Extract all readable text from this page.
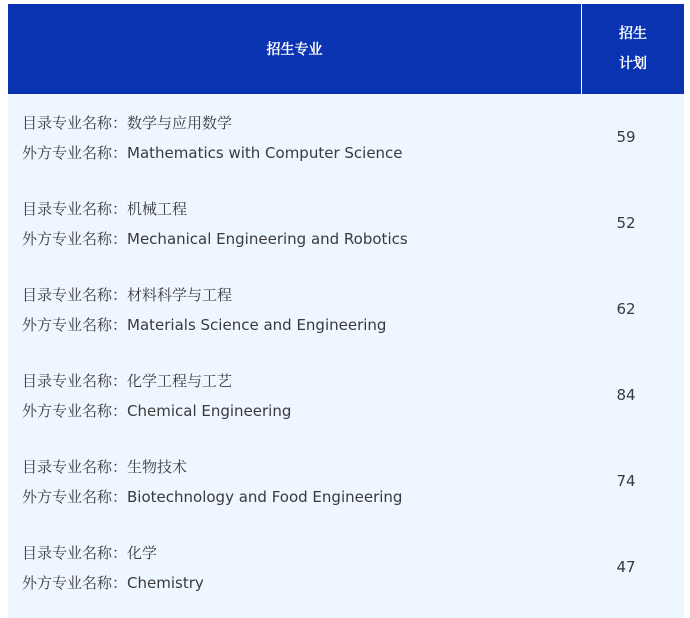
招生专业
招生
计划
目录专业名称：数学与应用数学
外方专业名称：Mathematics with Computer Science
59
目录专业名称：机械工程
外方专业名称：Mechanical Engineering and Robotics
52
目录专业名称：材料科学与工程
外方专业名称：Materials Science and Engineering
62
目录专业名称：化学工程与工艺
外方专业名称：Chemical Engineering
84
目录专业名称：生物技术
外方专业名称：Biotechnology and Food Engineering
74
目录专业名称：化学
外方专业名称：Chemistry
47
